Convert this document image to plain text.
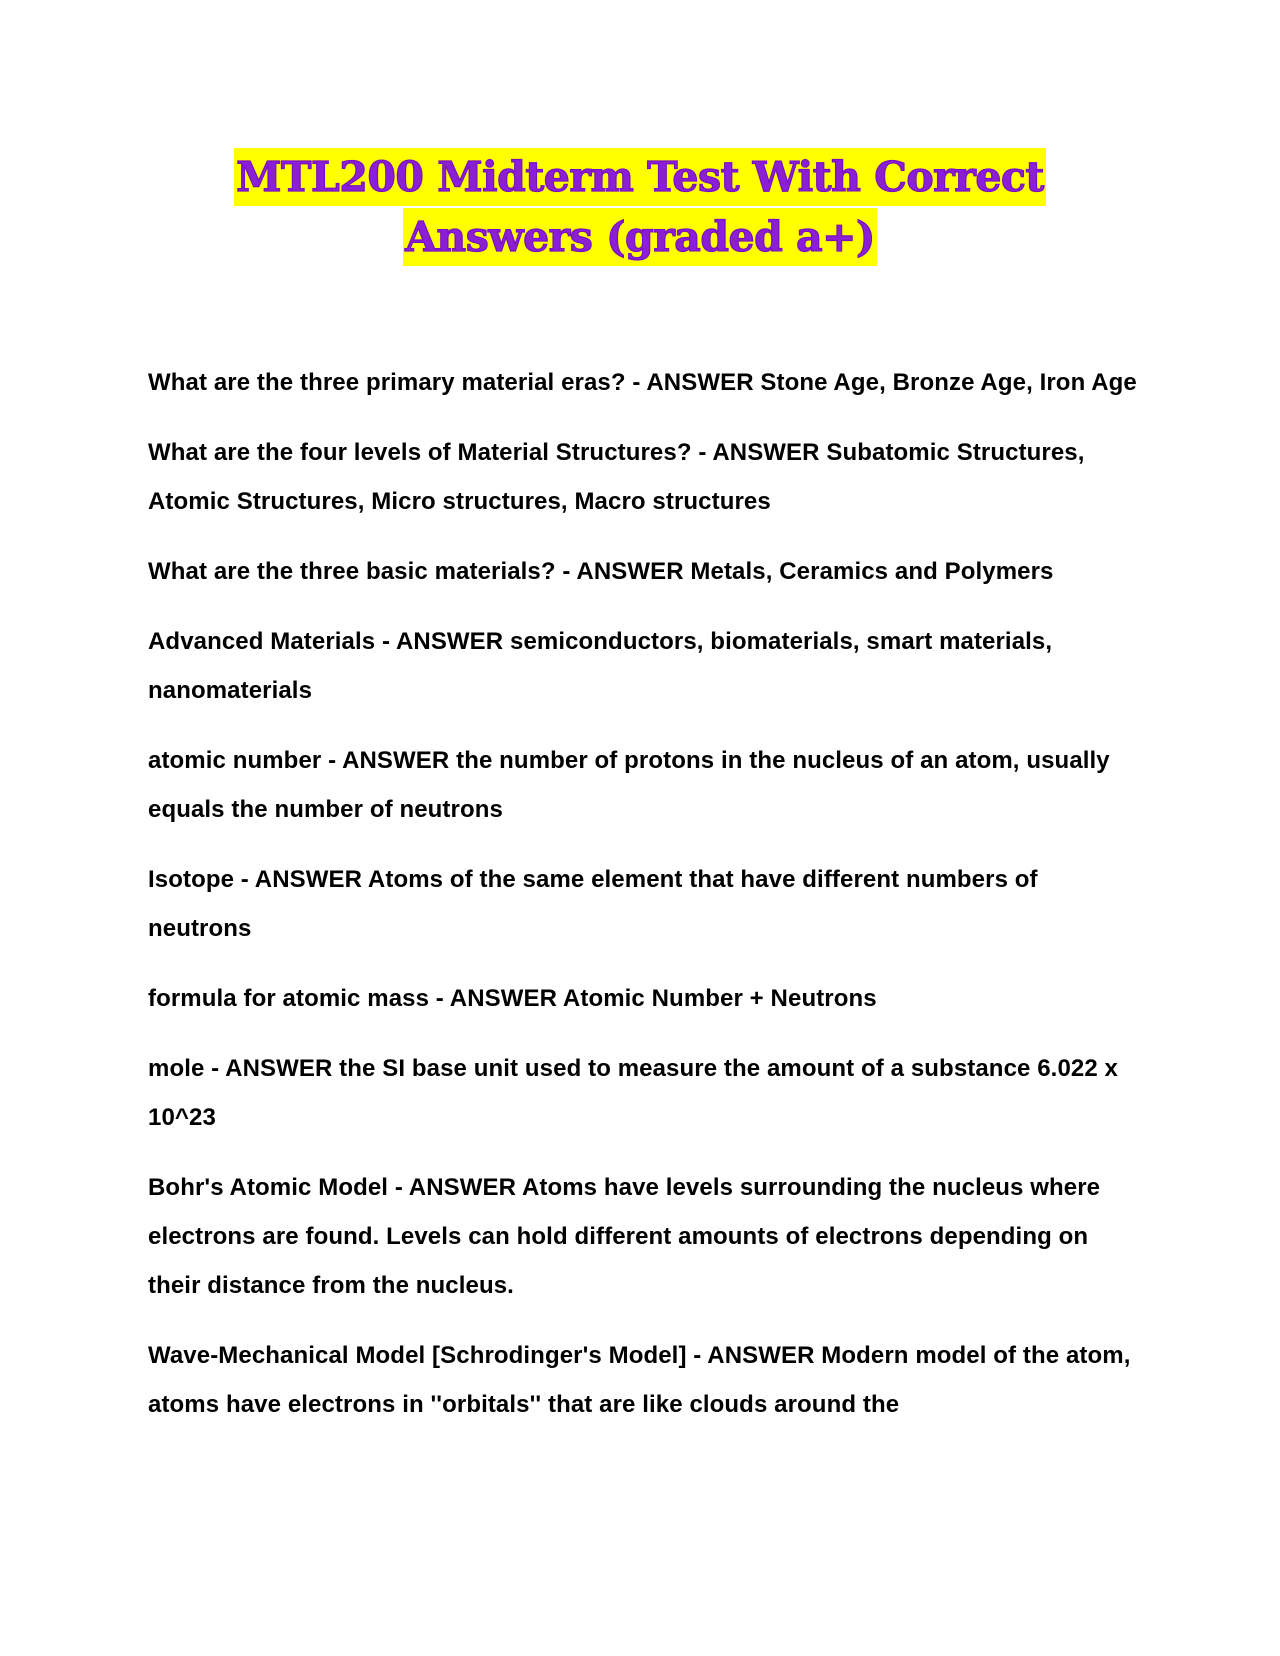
MTL200 Midterm Test With Correct
Answers (graded a+)

What are the three primary material eras? - ANSWER Stone Age, Bronze Age, Iron Age

What are the four levels of Material Structures? - ANSWER Subatomic Structures, Atomic Structures, Micro structures, Macro structures

What are the three basic materials? - ANSWER Metals, Ceramics and Polymers

Advanced Materials - ANSWER semiconductors, biomaterials, smart materials, nanomaterials

atomic number - ANSWER the number of protons in the nucleus of an atom, usually equals the number of neutrons

Isotope - ANSWER Atoms of the same element that have different numbers of neutrons

formula for atomic mass - ANSWER Atomic Number + Neutrons

mole - ANSWER the SI base unit used to measure the amount of a substance 6.022 x 10^23

Bohr's Atomic Model - ANSWER Atoms have levels surrounding the nucleus where electrons are found. Levels can hold different amounts of electrons depending on their distance from the nucleus.

Wave-Mechanical Model [Schrodinger's Model] - ANSWER Modern model of the atom, atoms have electrons in ''orbitals'' that are like clouds around the
